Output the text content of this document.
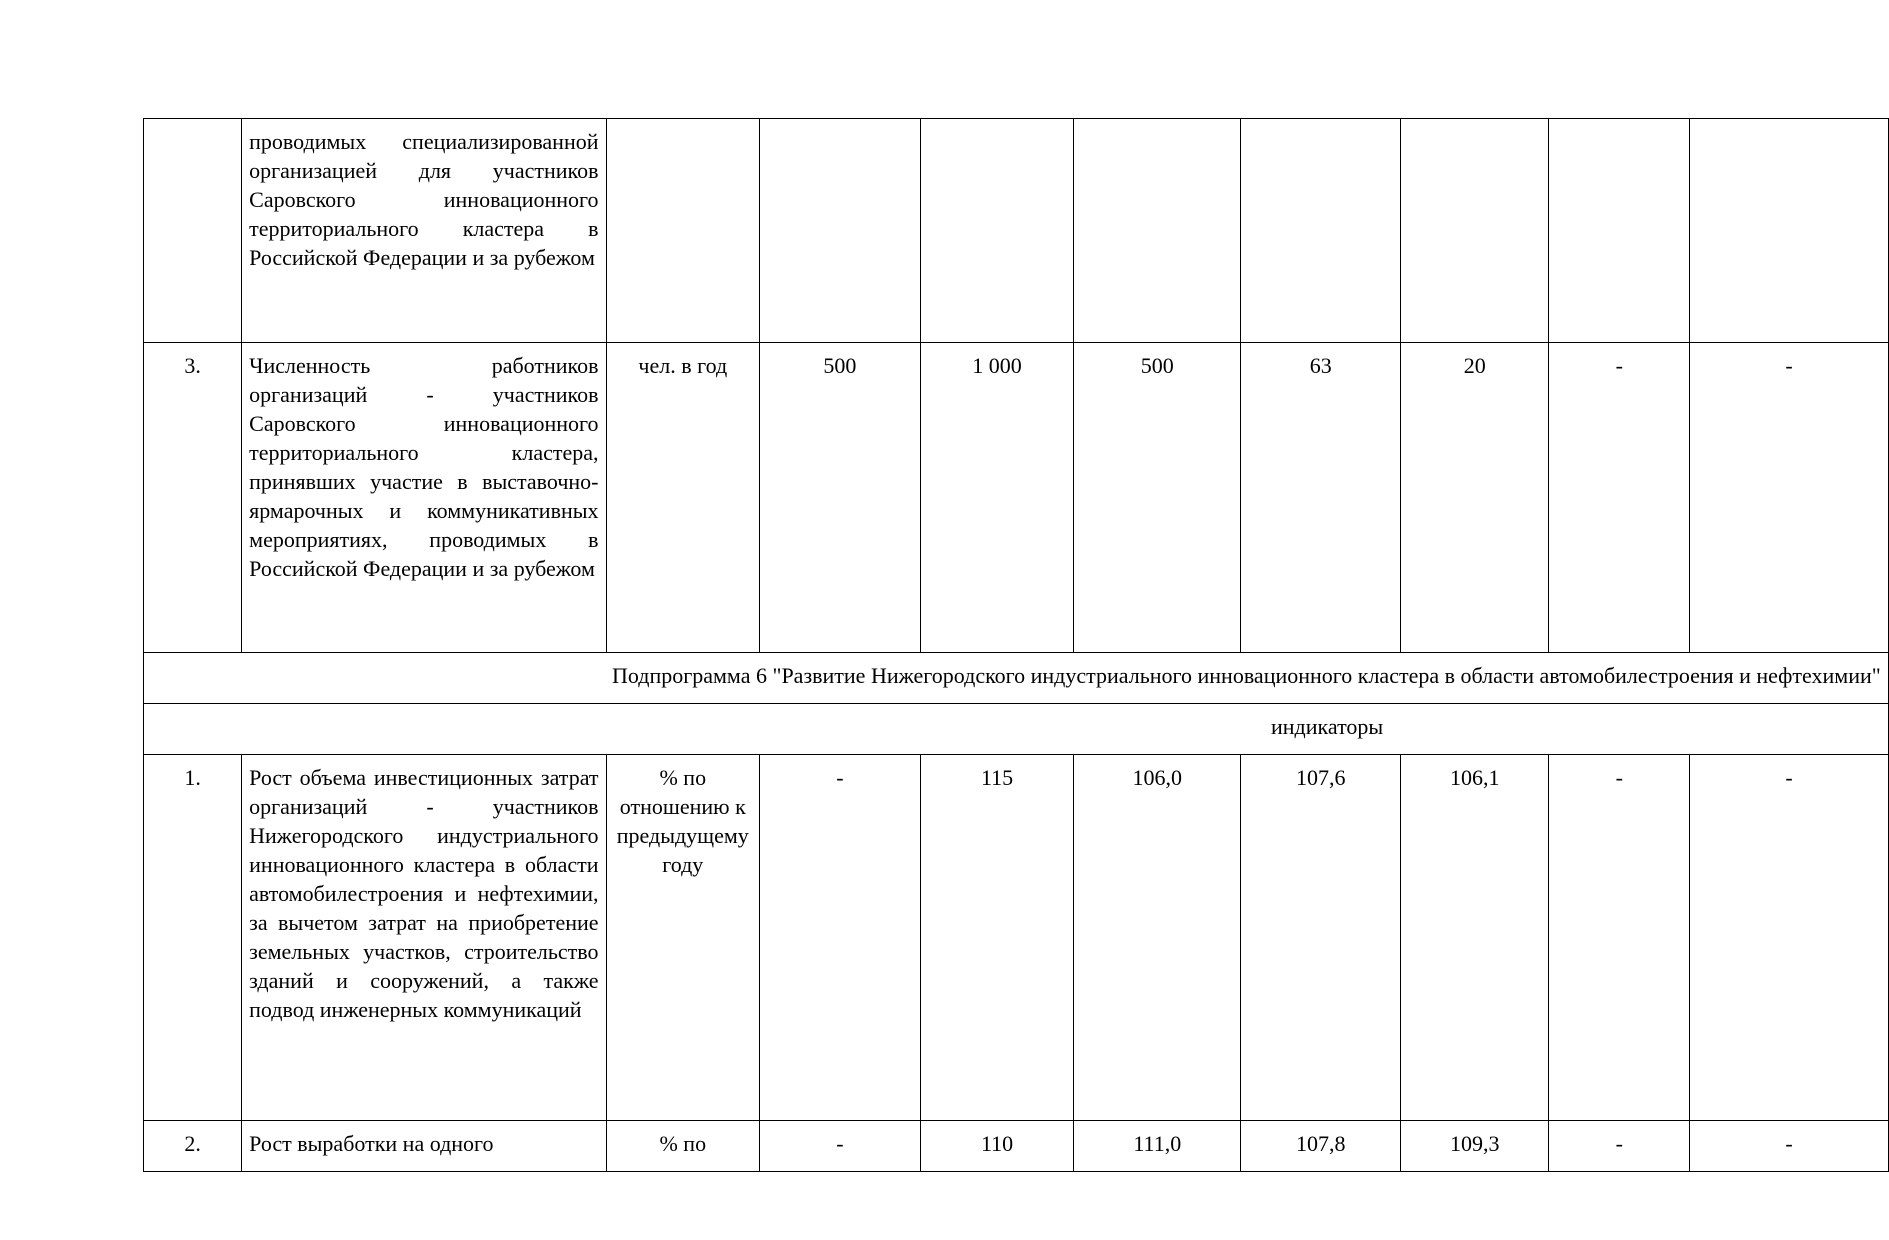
	проводимых специализированной организацией для участников Саровского инновационного территориального кластера в Российской Федерации и за рубежом								
3.	Численность работников организаций - участников Саровского инновационного территориального кластера, принявших участие в выставочно-ярмарочных и коммуникативных мероприятиях, проводимых в Российской Федерации и за рубежом	чел. в год	500	1 000	500	63	20	-	-
Подпрограмма 6 "Развитие Нижегородского индустриального инновационного кластера в области автомобилестроения и нефтехимии"									
индикаторы									
1.	Рост объема инвестиционных затрат организаций - участников Нижегородского индустриального инновационного кластера в области автомобилестроения и нефтехимии, за вычетом затрат на приобретение земельных участков, строительство зданий и сооружений, а также подвод инженерных коммуникаций	% по отношению к предыдущему году	-	115	106,0	107,6	106,1	-	-
2.	Рост выработки на одного	% по	-	110	111,0	107,8	109,3	-	-
